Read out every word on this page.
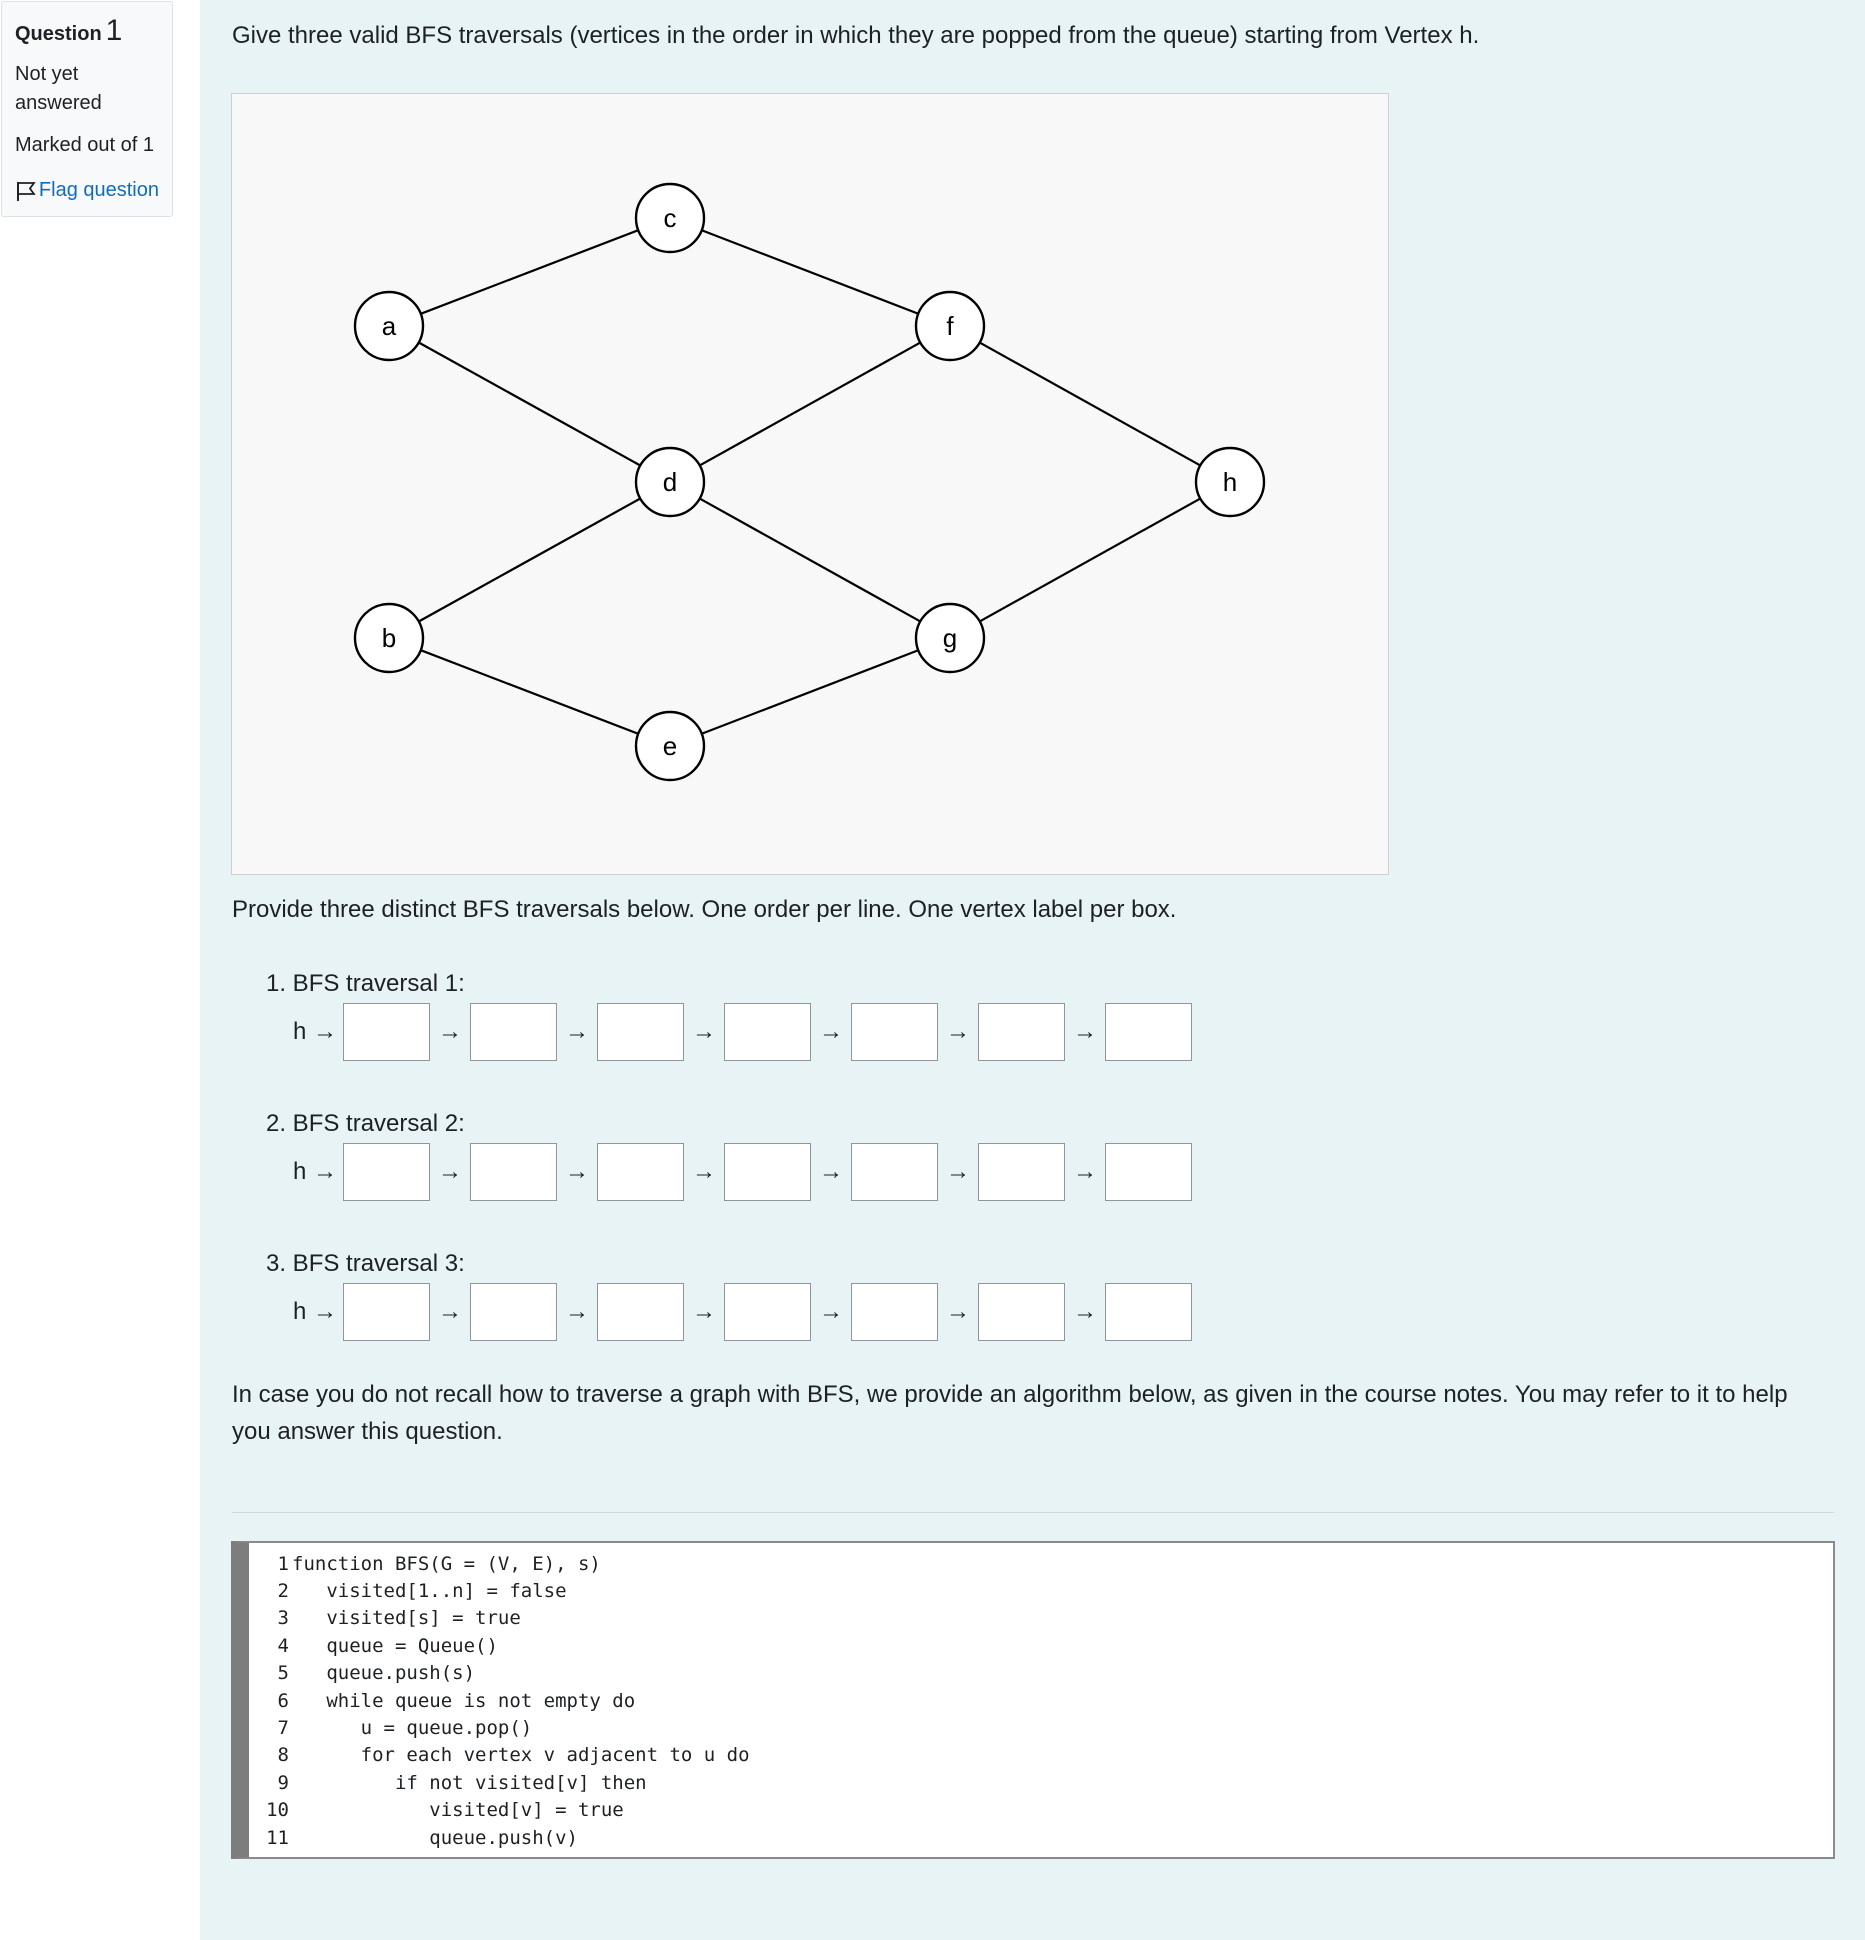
Question 1
Not yet answered
Marked out of 1
Flag question
Give three valid BFS traversals (vertices in the order in which they are popped from the queue) starting from Vertex h.
c
a	f
d	h
b	g
e
Provide three distinct BFS traversals below. One order per line. One vertex label per box.
1. BFS traversal 1:
h →	→	→	→	→	→	→
2. BFS traversal 2:
h →	→	→	→	→	→	→
3. BFS traversal 3:
h →	→	→	→	→	→	→
In case you do not recall how to traverse a graph with BFS, we provide an algorithm below, as given in the course notes. You may refer to it to help you answer this question.
1 function BFS(G = (V, E), s)
2 visited[1..n] = false
3 visited[s] = true
4 queue = Queue()
5 queue.push(s)
6 while queue is not empty do
7 u = queue.pop()
8 for each vertex v adjacent to u do
9 if not visited[v] then
10 visited[v] = true
11 queue.push(v)
